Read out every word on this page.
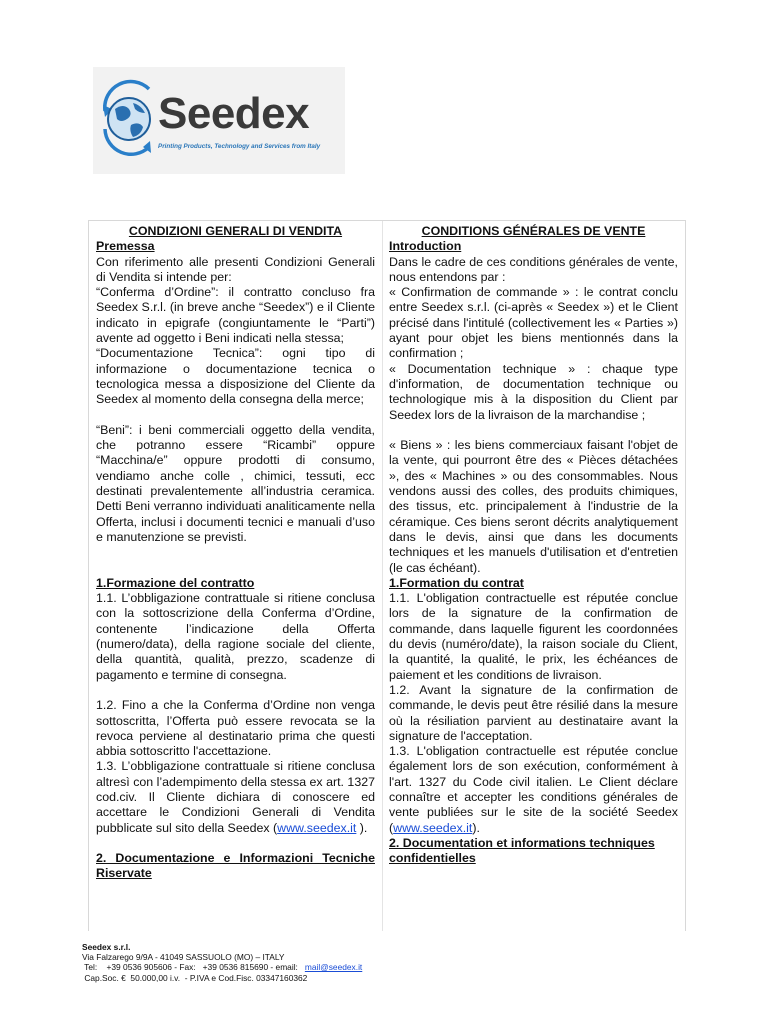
Seedex
Printing Products, Technology and Services from Italy
CONDIZIONI GENERALI DI VENDITA
Premessa
Con riferimento alle presenti Condizioni Generali di Vendita si intende per:
“Conferma d’Ordine”: il contratto concluso fra Seedex S.r.l. (in breve anche “Seedex”) e il Cliente indicato in epigrafe (congiuntamente le “Parti”) avente ad oggetto i Beni indicati nella stessa;
“Documentazione Tecnica”: ogni tipo di informazione o documentazione tecnica o tecnologica messa a disposizione del Cliente da Seedex al momento della consegna della merce;
“Beni”: i beni commerciali oggetto della vendita, che potranno essere “Ricambi” oppure “Macchina/e” oppure prodotti di consumo, vendiamo anche colle , chimici, tessuti, ecc destinati prevalentemente all’industria ceramica. Detti Beni verranno individuati analiticamente nella Offerta, inclusi i documenti tecnici e manuali d’uso e manutenzione se previsti.
1.Formazione del contratto
1.1. L’obbligazione contrattuale si ritiene conclusa con la sottoscrizione della Conferma d’Ordine, contenente l’indicazione della Offerta (numero/data), della ragione sociale del cliente, della quantità, qualità, prezzo, scadenze di pagamento e termine di consegna.
1.2. Fino a che la Conferma d’Ordine non venga sottoscritta, l’Offerta può essere revocata se la revoca perviene al destinatario prima che questi abbia sottoscritto l'accettazione.
1.3. L’obbligazione contrattuale si ritiene conclusa altresì con l’adempimento della stessa ex art. 1327 cod.civ. Il Cliente dichiara di conoscere ed accettare le Condizioni Generali di Vendita pubblicate sul sito della Seedex (www.seedex.it ).
2. Documentazione e Informazioni Tecniche Riservate
CONDITIONS GÉNÉRALES DE VENTE
Introduction
Dans le cadre de ces conditions générales de vente, nous entendons par :
« Confirmation de commande » : le contrat conclu entre Seedex s.r.l. (ci-après « Seedex ») et le Client précisé dans l'intitulé (collectivement les « Parties ») ayant pour objet les biens mentionnés dans la confirmation ;
« Documentation technique » : chaque type d'information, de documentation technique ou technologique mis à la disposition du Client par Seedex lors de la livraison de la marchandise ;
« Biens » : les biens commerciaux faisant l'objet de la vente, qui pourront être des « Pièces détachées », des « Machines » ou des consommables. Nous vendons aussi des colles, des produits chimiques, des tissus, etc. principalement à l'industrie de la céramique. Ces biens seront décrits analytiquement dans le devis, ainsi que dans les documents techniques et les manuels d'utilisation et d'entretien (le cas échéant).
1.Formation du contrat
1.1. L'obligation contractuelle est réputée conclue lors de la signature de la confirmation de commande, dans laquelle figurent les coordonnées du devis (numéro/date), la raison sociale du Client, la quantité, la qualité, le prix, les échéances de paiement et les conditions de livraison.
1.2. Avant la signature de la confirmation de commande, le devis peut être résilié dans la mesure où la résiliation parvient au destinataire avant la signature de l'acceptation.
1.3. L'obligation contractuelle est réputée conclue également lors de son exécution, conformément à l'art. 1327 du Code civil italien. Le Client déclare connaître et accepter les conditions générales de vente publiées sur le site de la société Seedex (www.seedex.it).
2. Documentation et informations techniques confidentielles
Seedex s.r.l.
Via Falzarego 9/9A - 41049 SASSUOLO (MO) – ITALY
Tel:    +39 0536 905606 - Fax:   +39 0536 815690 - email:   mail@seedex.it
Cap.Soc. €  50.000,00 i.v.  - P.IVA e Cod.Fisc. 03347160362
